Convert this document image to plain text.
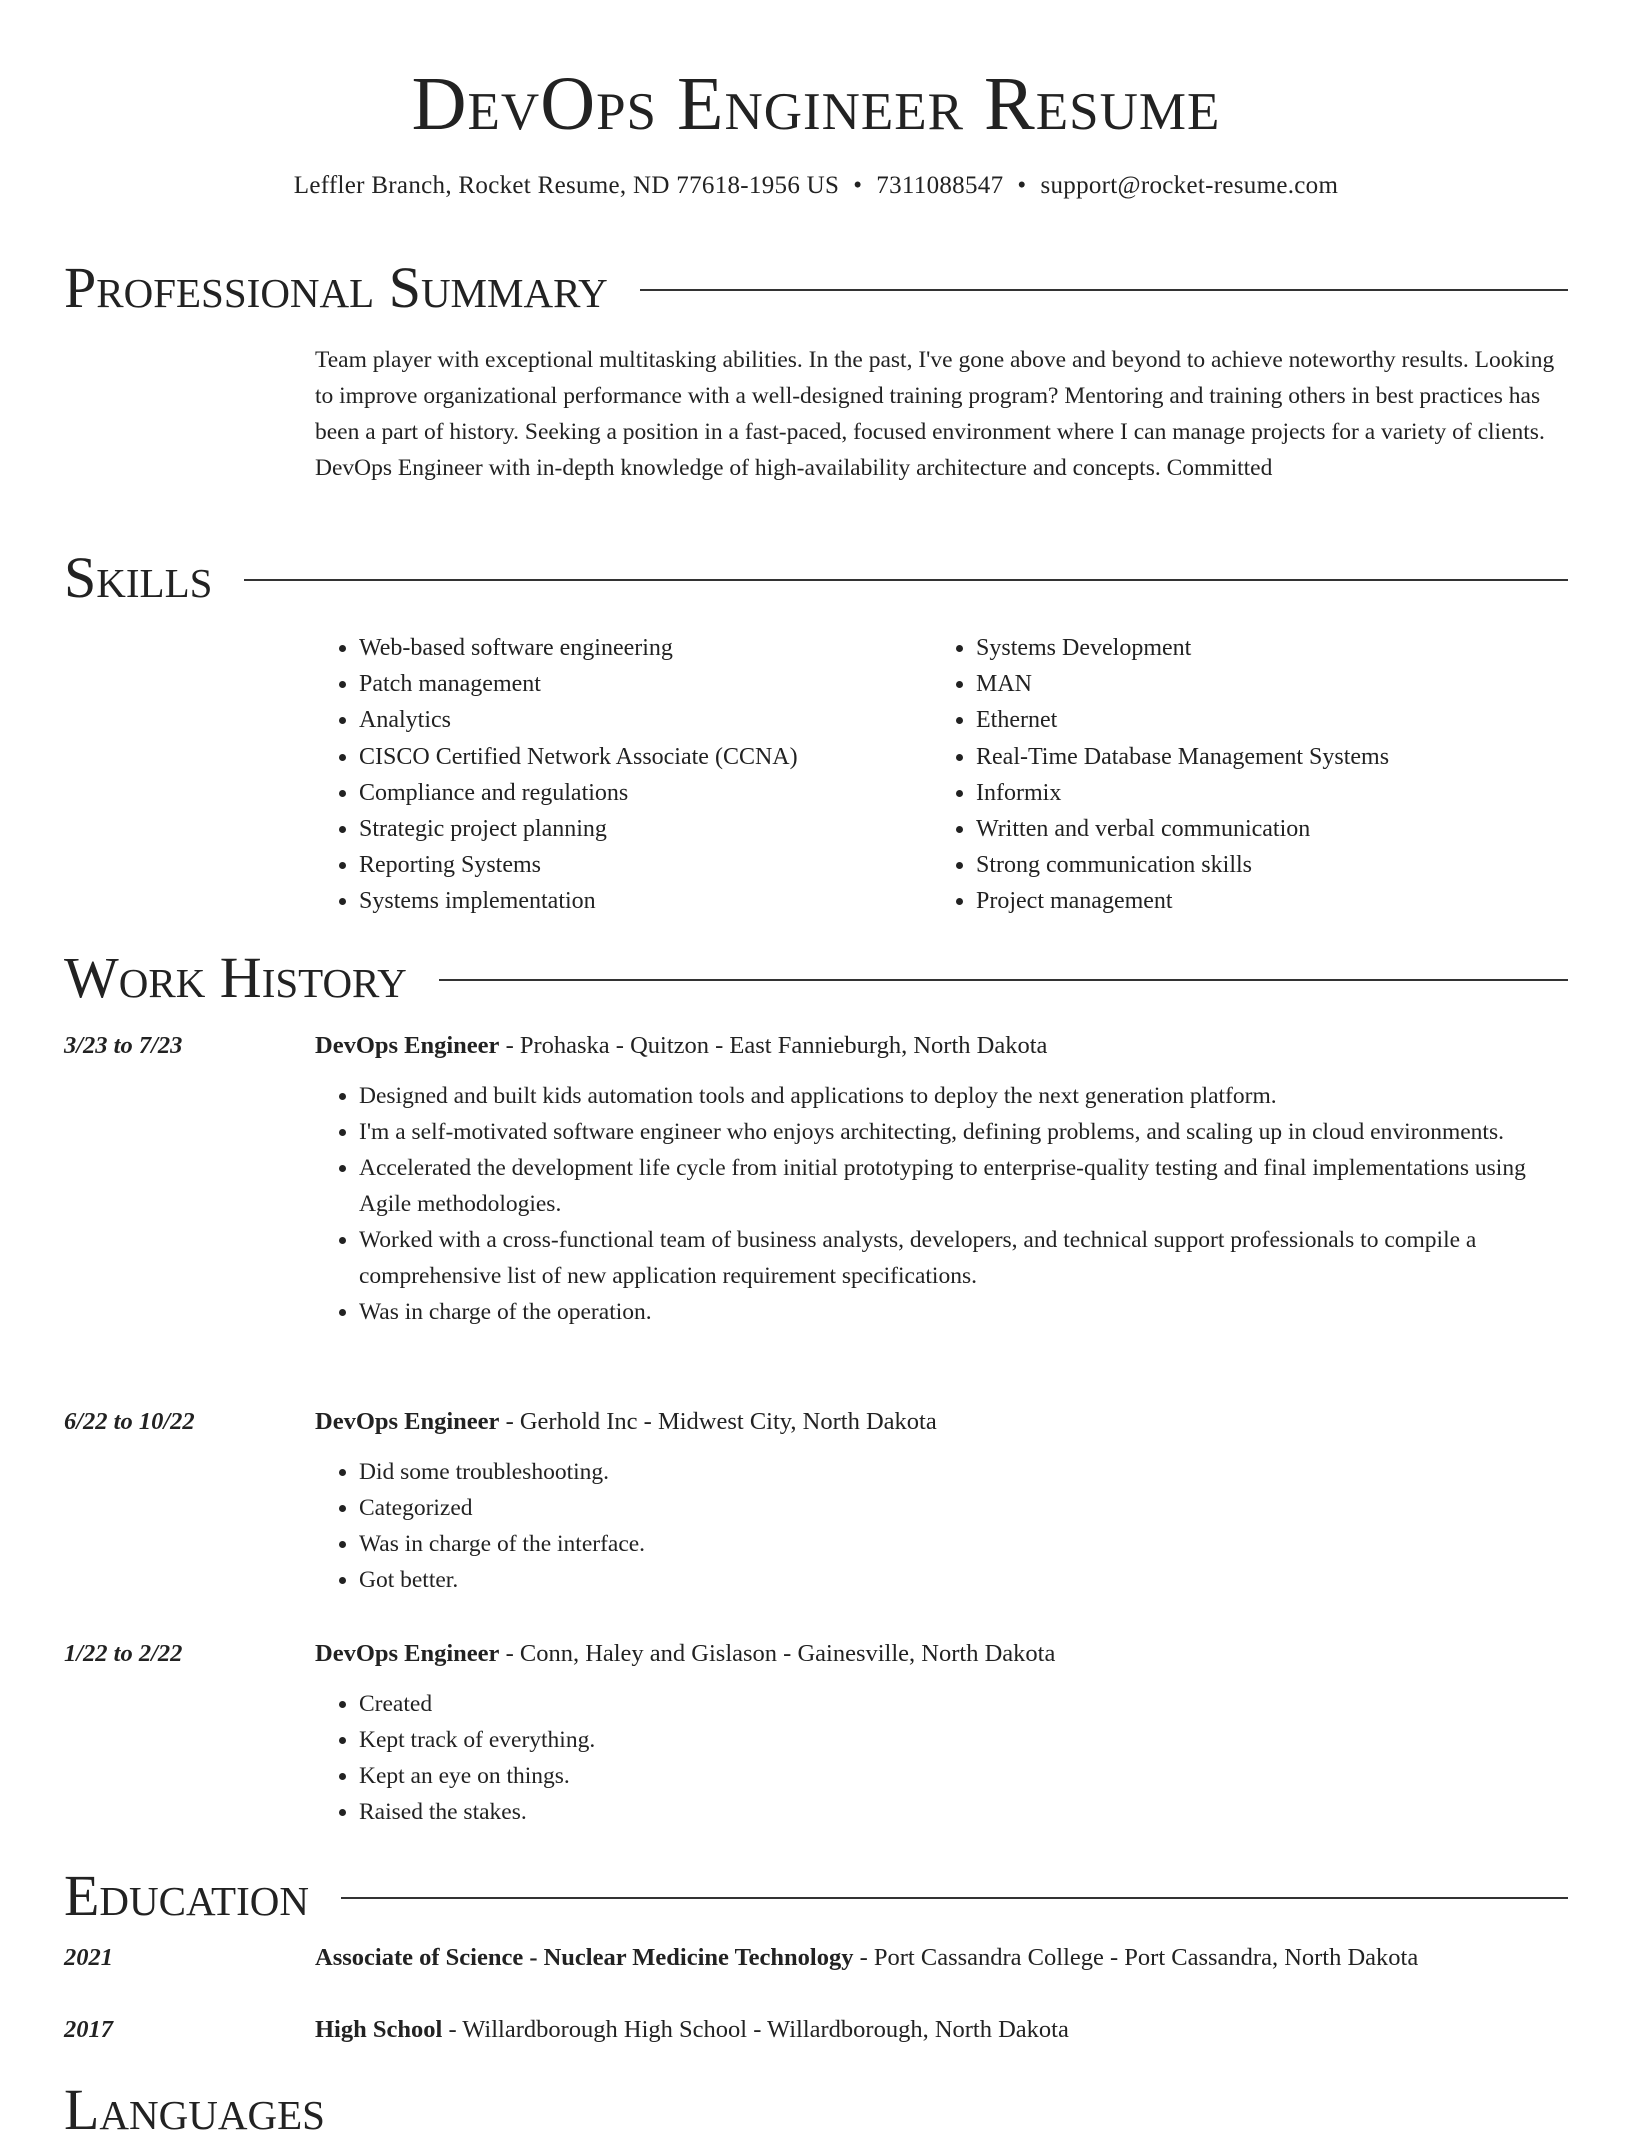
DevOps Engineer Resume
Leffler Branch, Rocket Resume, ND 77618-1956 US • 7311088547 • support@rocket-resume.com
Professional Summary

Team player with exceptional multitasking abilities. In the past, I've gone above and beyond to achieve noteworthy results. Looking to improve organizational performance with a well-designed training program? Mentoring and training others in best practices has been a part of history. Seeking a position in a fast-paced, focused environment where I can manage projects for a variety of clients. DevOps Engineer with in-depth knowledge of high-availability architecture and concepts. Committed

Skills
• Web-based software engineering
• Patch management
• Analytics
• CISCO Certified Network Associate (CCNA)
• Compliance and regulations
• Strategic project planning
• Reporting Systems
• Systems implementation
• Systems Development
• MAN
• Ethernet
• Real-Time Database Management Systems
• Informix
• Written and verbal communication
• Strong communication skills
• Project management
Work History
3/23 to 7/23	DevOps Engineer - Prohaska - Quitzon - East Fannieburgh, North Dakota
• Designed and built kids automation tools and applications to deploy the next generation platform.
• I'm a self-motivated software engineer who enjoys architecting, defining problems, and scaling up in cloud environments.
• Accelerated the development life cycle from initial prototyping to enterprise-quality testing and final implementations using Agile methodologies.
• Worked with a cross-functional team of business analysts, developers, and technical support professionals to compile a comprehensive list of new application requirement specifications.
• Was in charge of the operation.
6/22 to 10/22	DevOps Engineer - Gerhold Inc - Midwest City, North Dakota
• Did some troubleshooting.
• Categorized
• Was in charge of the interface.
• Got better.
1/22 to 2/22	DevOps Engineer - Conn, Haley and Gislason - Gainesville, North Dakota
• Created
• Kept track of everything.
• Kept an eye on things.
• Raised the stakes.
Education
2021	Associate of Science - Nuclear Medicine Technology - Port Cassandra College - Port Cassandra, North Dakota
2017	High School - Willardborough High School - Willardborough, North Dakota
Languages
